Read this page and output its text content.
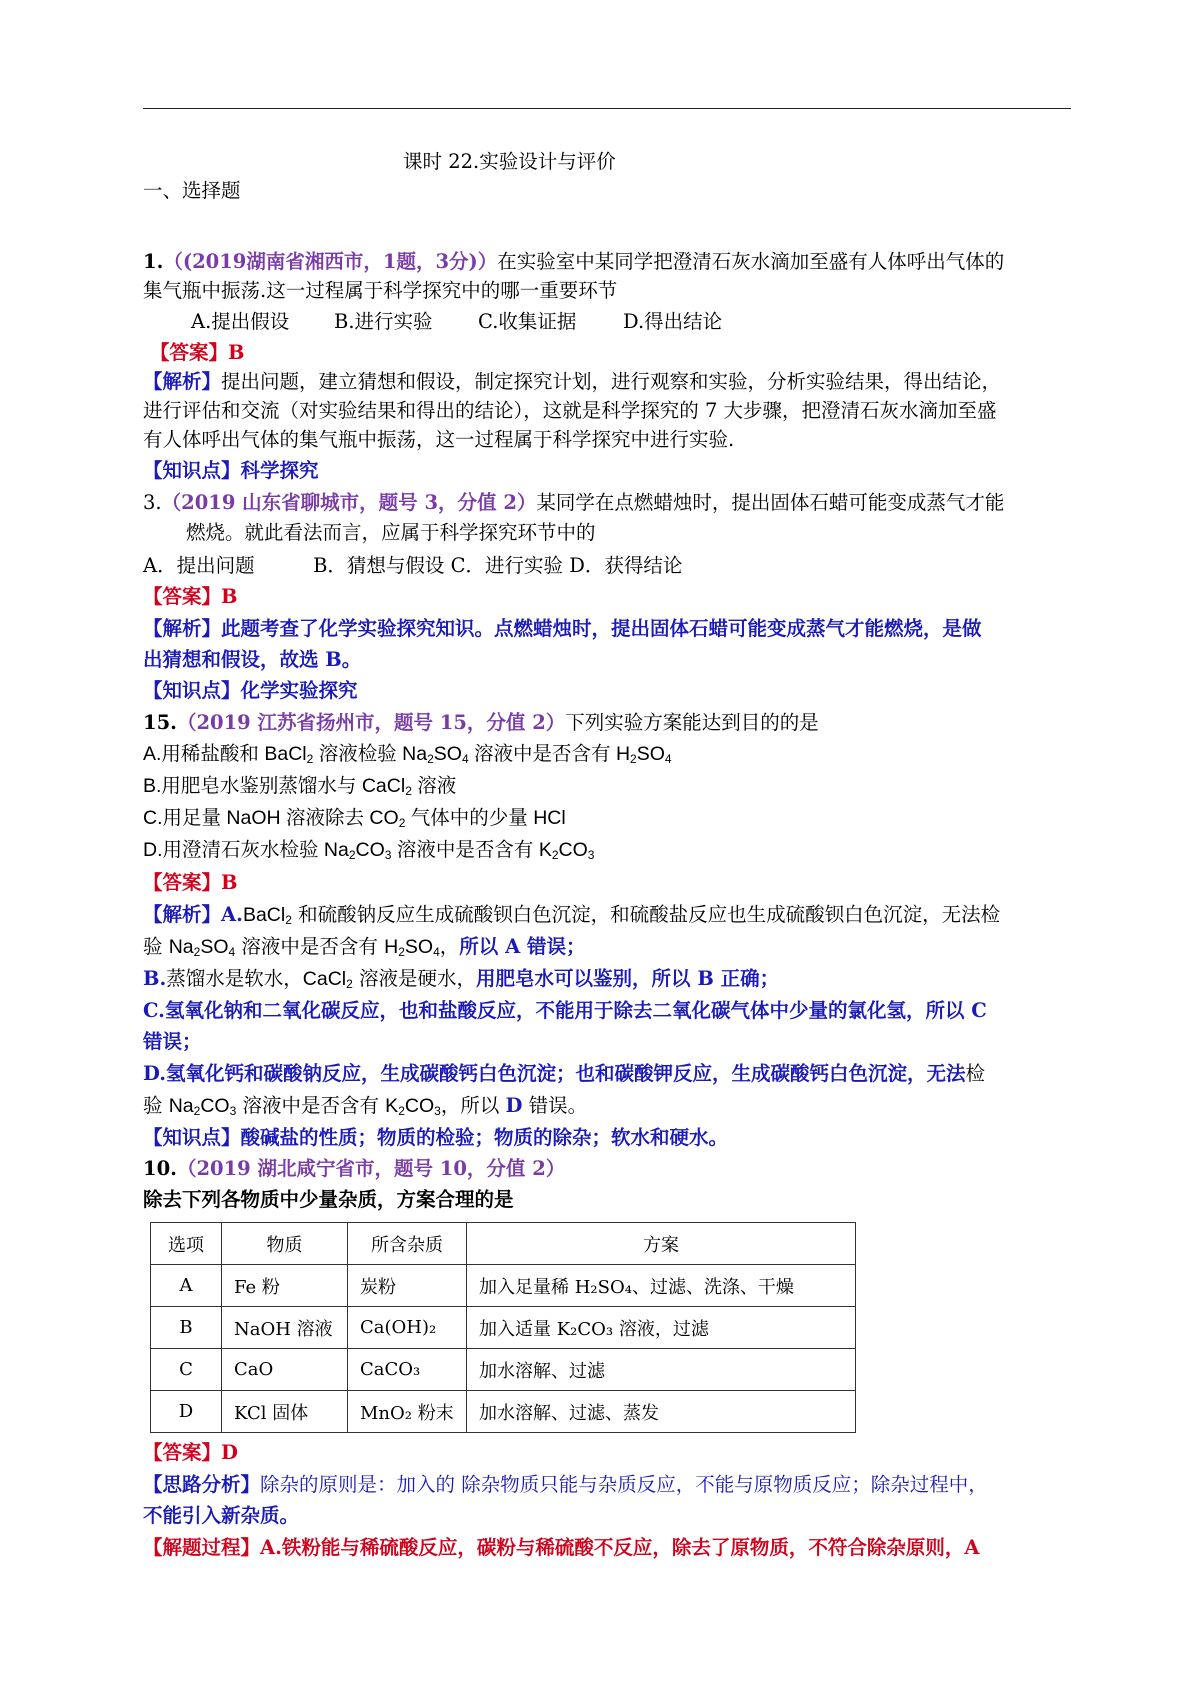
课时 22.实验设计与评价
一、选择题
1.（(2019湖南省湘西市，1题，3分)）在实验室中某同学把澄清石灰水滴加至盛有人体呼出气体的
集气瓶中振荡.这一过程属于科学探究中的哪一重要环节
A.提出假设 B.进行实验 C.收集证据 D.得出结论
【答案】B
【解析】提出问题，建立猜想和假设，制定探究计划，进行观察和实验，分析实验结果，得出结论，
进行评估和交流（对实验结果和得出的结论），这就是科学探究的 7 大步骤，把澄清石灰水滴加至盛
有人体呼出气体的集气瓶中振荡，这一过程属于科学探究中进行实验.
【知识点】科学探究
3.（2019 山东省聊城市，题号 3，分值 2）某同学在点燃蜡烛时，提出固体石蜡可能变成蒸气才能
燃烧。就此看法而言，应属于科学探究环节中的
A．提出问题　　　B．猜想与假设 C．进行实验 D．获得结论
【答案】B
【解析】此题考查了化学实验探究知识。点燃蜡烛时，提出固体石蜡可能变成蒸气才能燃烧，是做
出猜想和假设，故选 B。
【知识点】化学实验探究
15.（2019 江苏省扬州市，题号 15，分值 2）下列实验方案能达到目的的是
A.用稀盐酸和 BaCl$_2$ 溶液检验 $Na_2SO_4$ 溶液中是否含有 $H_2SO_4$
B.用肥皂水鉴别蒸馏水与 CaCl$_2$ 溶液
C.用足量 NaOH 溶液除去 $CO_2$ 气体中的少量 HCl
D.用澄清石灰水检验 $Na_2CO_3$ 溶液中是否含有 $K_2CO_3$
【答案】B
【解析】A.BaCl$_2$ 和硫酸钠反应生成硫酸钡白色沉淀，和硫酸盐反应也生成硫酸钡白色沉淀，无法检
验 $Na_2SO_4$ 溶液中是否含有 $H_2SO_4$，所以 A 错误；
B.蒸馏水是软水，CaCl$_2$ 溶液是硬水，用肥皂水可以鉴别，所以 B 正确；
C.氢氧化钠和二氧化碳反应，也和盐酸反应，不能用于除去二氧化碳气体中少量的氯化氢，所以 C
错误；
D.氢氧化钙和碳酸钠反应，生成碳酸钙白色沉淀；也和碳酸钾反应，生成碳酸钙白色沉淀，无法检
验 $Na_2CO_3$ 溶液中是否含有 $K_2CO_3$，所以 D 错误。
【知识点】酸碱盐的性质；物质的检验；物质的除杂；软水和硬水。
10.（2019 湖北咸宁省市，题号 10，分值 2）
除去下列各物质中少量杂质，方案合理的是
选项	物质	所含杂质	方案
A	Fe 粉	炭粉	加入足量稀 H₂SO₄、过滤、洗涤、干燥
B	NaOH 溶液	Ca(OH)₂	加入适量 K₂CO₃ 溶液，过滤
C	CaO	CaCO₃	加水溶解、过滤
D	KCl 固体	MnO₂ 粉末	加水溶解、过滤、蒸发
【答案】D
【思路分析】除杂的原则是：加入的 除杂物质只能与杂质反应，不能与原物质反应；除杂过程中，
不能引入新杂质。
【解题过程】A.铁粉能与稀硫酸反应，碳粉与稀硫酸不反应，除去了原物质，不符合除杂原则，A
